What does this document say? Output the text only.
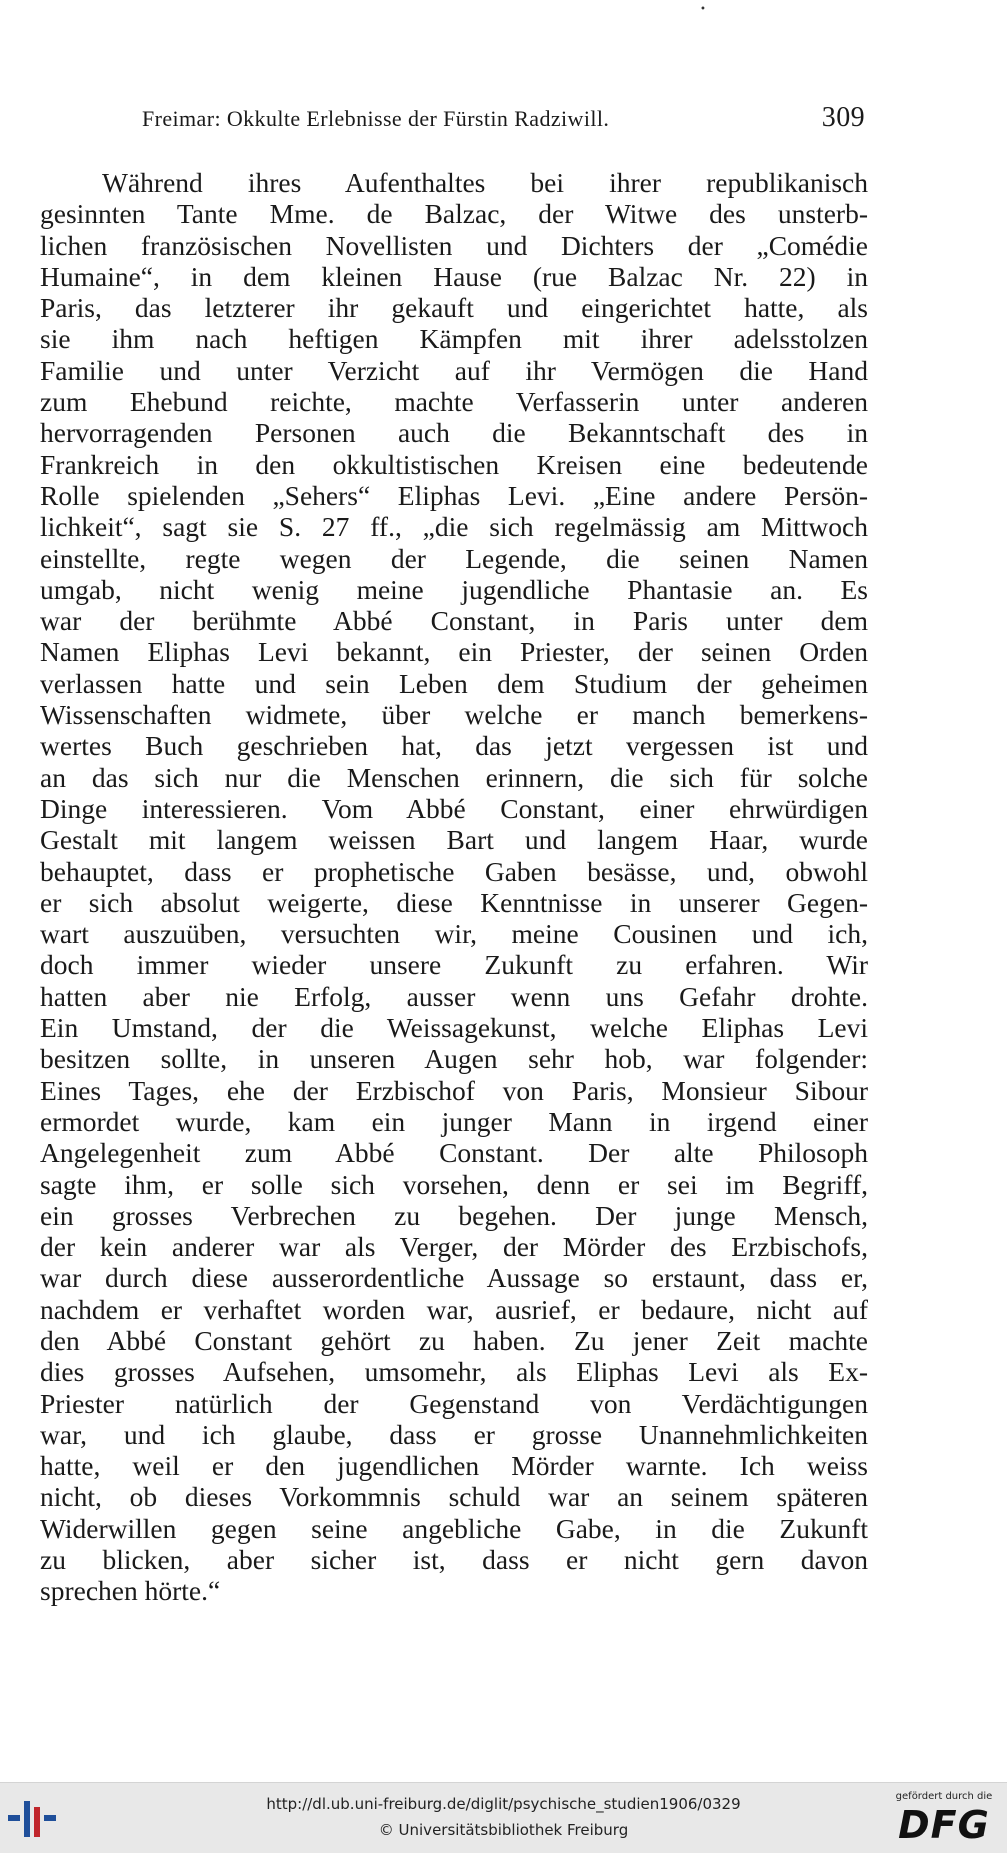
•
Freimar: Okkulte Erlebnisse der Fürstin Radziwill.	309
Während ihres Aufenthaltes bei ihrer republikanisch
gesinnten Tante Mme. de Balzac, der Witwe des unsterb-
lichen französischen Novellisten und Dichters der „Comédie
Humaine“, in dem kleinen Hause (rue Balzac Nr. 22) in
Paris, das letzterer ihr gekauft und eingerichtet hatte, als
sie ihm nach heftigen Kämpfen mit ihrer adelsstolzen
Familie und unter Verzicht auf ihr Vermögen die Hand
zum Ehebund reichte, machte Verfasserin unter anderen
hervorragenden Personen auch die Bekanntschaft des in
Frankreich in den okkultistischen Kreisen eine bedeutende
Rolle spielenden „Sehers“ Eliphas Levi. „Eine andere Persön-
lichkeit“, sagt sie S. 27 ff., „die sich regelmässig am Mittwoch
einstellte, regte wegen der Legende, die seinen Namen
umgab, nicht wenig meine jugendliche Phantasie an. Es
war der berühmte Abbé Constant, in Paris unter dem
Namen Eliphas Levi bekannt, ein Priester, der seinen Orden
verlassen hatte und sein Leben dem Studium der geheimen
Wissenschaften widmete, über welche er manch bemerkens-
wertes Buch geschrieben hat, das jetzt vergessen ist und
an das sich nur die Menschen erinnern, die sich für solche
Dinge interessieren. Vom Abbé Constant, einer ehrwürdigen
Gestalt mit langem weissen Bart und langem Haar, wurde
behauptet, dass er prophetische Gaben besässe, und, obwohl
er sich absolut weigerte, diese Kenntnisse in unserer Gegen-
wart auszuüben, versuchten wir, meine Cousinen und ich,
doch immer wieder unsere Zukunft zu erfahren. Wir
hatten aber nie Erfolg, ausser wenn uns Gefahr drohte.
Ein Umstand, der die Weissagekunst, welche Eliphas Levi
besitzen sollte, in unseren Augen sehr hob, war folgender:
Eines Tages, ehe der Erzbischof von Paris, Monsieur Sibour
ermordet wurde, kam ein junger Mann in irgend einer
Angelegenheit zum Abbé Constant. Der alte Philosoph
sagte ihm, er solle sich vorsehen, denn er sei im Begriff,
ein grosses Verbrechen zu begehen. Der junge Mensch,
der kein anderer war als Verger, der Mörder des Erzbischofs,
war durch diese ausserordentliche Aussage so erstaunt, dass er,
nachdem er verhaftet worden war, ausrief, er bedaure, nicht auf
den Abbé Constant gehört zu haben. Zu jener Zeit machte
dies grosses Aufsehen, umsomehr, als Eliphas Levi als Ex-
Priester natürlich der Gegenstand von Verdächtigungen
war, und ich glaube, dass er grosse Unannehmlichkeiten
hatte, weil er den jugendlichen Mörder warnte. Ich weiss
nicht, ob dieses Vorkommnis schuld war an seinem späteren
Widerwillen gegen seine angebliche Gabe, in die Zukunft
zu blicken, aber sicher ist, dass er nicht gern davon
sprechen hörte.“
http://dl.ub.uni-freiburg.de/diglit/psychische_studien1906/0329
© Universitätsbibliothek Freiburg
gefördert durch die
DFG
